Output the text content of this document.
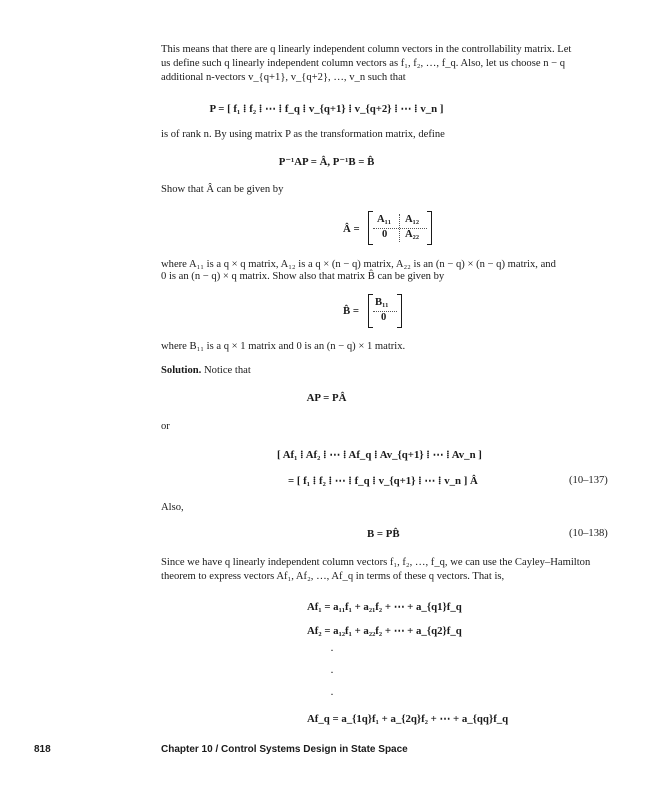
This means that there are q linearly independent column vectors in the controllability matrix. Let
us define such q linearly independent column vectors as f₁, f₂, …, f_q. Also, let us choose n − q
additional n-vectors v_{q+1}, v_{q+2}, …, v_n such that
P = [ f₁ ⁞ f₂ ⁞ ⋯ ⁞ f_q ⁞ v_{q+1} ⁞ v_{q+2} ⁞ ⋯ ⁞ v_n ]
is of rank n. By using matrix P as the transformation matrix, define
P⁻¹AP = Â, P⁻¹B = B̂
Show that Â can be given by
Â =
A₁₁ A₁₂
0 A₂₂
where A₁₁ is a q × q matrix, A₁₂ is a q × (n − q) matrix, A₂₂ is an (n − q) × (n − q) matrix, and
0 is an (n − q) × q matrix. Show also that matrix B̂ can be given by
B̂ =
B₁₁
0
where B₁₁ is a q × 1 matrix and 0 is an (n − q) × 1 matrix.
Solution. Notice that
AP = PÂ
or
[ Af₁ ⁞ Af₂ ⁞ ⋯ ⁞ Af_q ⁞ Av_{q+1} ⁞ ⋯ ⁞ Av_n ]
= [ f₁ ⁞ f₂ ⁞ ⋯ ⁞ f_q ⁞ v_{q+1} ⁞ ⋯ ⁞ v_n ] Â	(10–137)
Also,
B = PB̂	(10–138)
Since we have q linearly independent column vectors f₁, f₂, …, f_q, we can use the Cayley–Hamilton
theorem to express vectors Af₁, Af₂, …, Af_q in terms of these q vectors. That is,
Af₁ = a₁₁f₁ + a₂₁f₂ + ⋯ + a_{q1}f_q
Af₂ = a₁₂f₁ + a₂₂f₂ + ⋯ + a_{q2}f_q
·
·
·
Af_q = a_{1q}f₁ + a_{2q}f₂ + ⋯ + a_{qq}f_q
818	Chapter 10 / Control Systems Design in State Space
